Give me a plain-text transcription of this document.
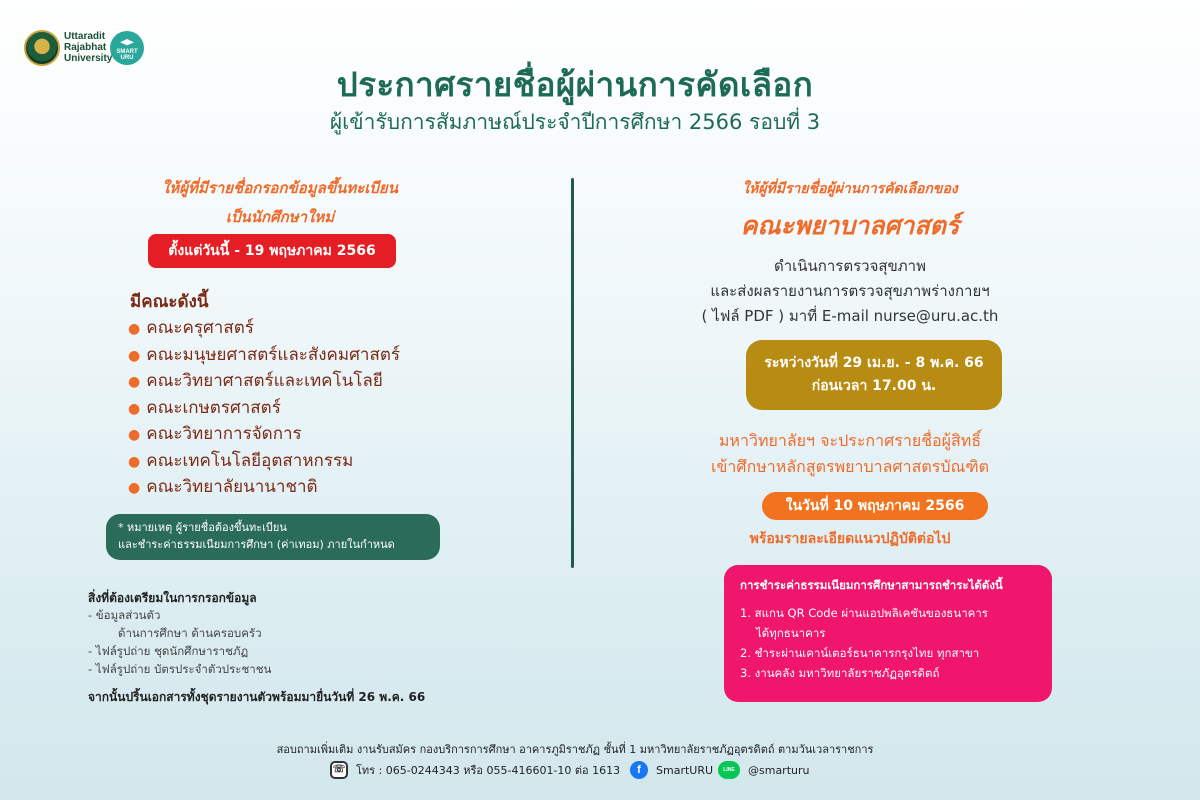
Uttaradit
Rajabhat
University
SMART URU
ประกาศรายชื่อผู้ผ่านการคัดเลือก
ผู้เข้ารับการสัมภาษณ์ประจำปีการศึกษา 2566 รอบที่ 3
ให้ผู้ที่มีรายชื่อกรอกข้อมูลขึ้นทะเบียน
เป็นนักศึกษาใหม่
ตั้งแต่วันนี้ - 19 พฤษภาคม 2566
มีคณะดังนี้
● คณะครุศาสตร์
● คณะมนุษยศาสตร์และสังคมศาสตร์
● คณะวิทยาศาสตร์และเทคโนโลยี
● คณะเกษตรศาสตร์
● คณะวิทยาการจัดการ
● คณะเทคโนโลยีอุตสาหกรรม
● คณะวิทยาลัยนานาชาติ
* หมายเหตุ ผู้รายชื่อต้องขึ้นทะเบียน
และชำระค่าธรรมเนียมการศึกษา (ค่าเทอม) ภายในกำหนด
สิ่งที่ต้องเตรียมในการกรอกข้อมูล
- ข้อมูลส่วนตัว
ด้านการศึกษา ด้านครอบครัว
- ไฟล์รูปถ่าย ชุดนักศึกษาราชภัฏ
- ไฟล์รูปถ่าย บัตรประจำตัวประชาชน
จากนั้นปริ้นเอกสารทั้งชุดรายงานตัวพร้อมมายื่นวันที่ 26 พ.ค. 66
ให้ผู้ที่มีรายชื่อผู้ผ่านการคัดเลือกของ
คณะพยาบาลศาสตร์
ดำเนินการตรวจสุขภาพ
และส่งผลรายงานการตรวจสุขภาพร่างกายฯ
( ไฟล์ PDF ) มาที่ E-mail nurse@uru.ac.th
ระหว่างวันที่ 29 เม.ย. - 8 พ.ค. 66
ก่อนเวลา 17.00 น.
มหาวิทยาลัยฯ จะประกาศรายชื่อผู้สิทธิ์
เข้าศึกษาหลักสูตรพยาบาลศาสตรบัณฑิต
ในวันที่ 10 พฤษภาคม 2566
พร้อมรายละเอียดแนวปฏิบัติต่อไป
การชำระค่าธรรมเนียมการศึกษาสามารถชำระได้ดังนี้
1. สแกน QR Code ผ่านแอปพลิเคชันของธนาคาร
ได้ทุกธนาคาร
2. ชำระผ่านเคาน์เตอร์ธนาคารกรุงไทย ทุกสาขา
3. งานคลัง มหาวิทยาลัยราชภัฏอุตรดิตถ์
สอบถามเพิ่มเติม งานรับสมัคร กองบริการการศึกษา อาคารภูมิราชภัฏ ชั้นที่ 1 มหาวิทยาลัยราชภัฏอุตรดิตถ์ ตามวันเวลาราชการ
☏ โทร : 065-0244343 หรือ 055-416601-10 ต่อ 1613	f	SmartURU	LINE	@smarturu
